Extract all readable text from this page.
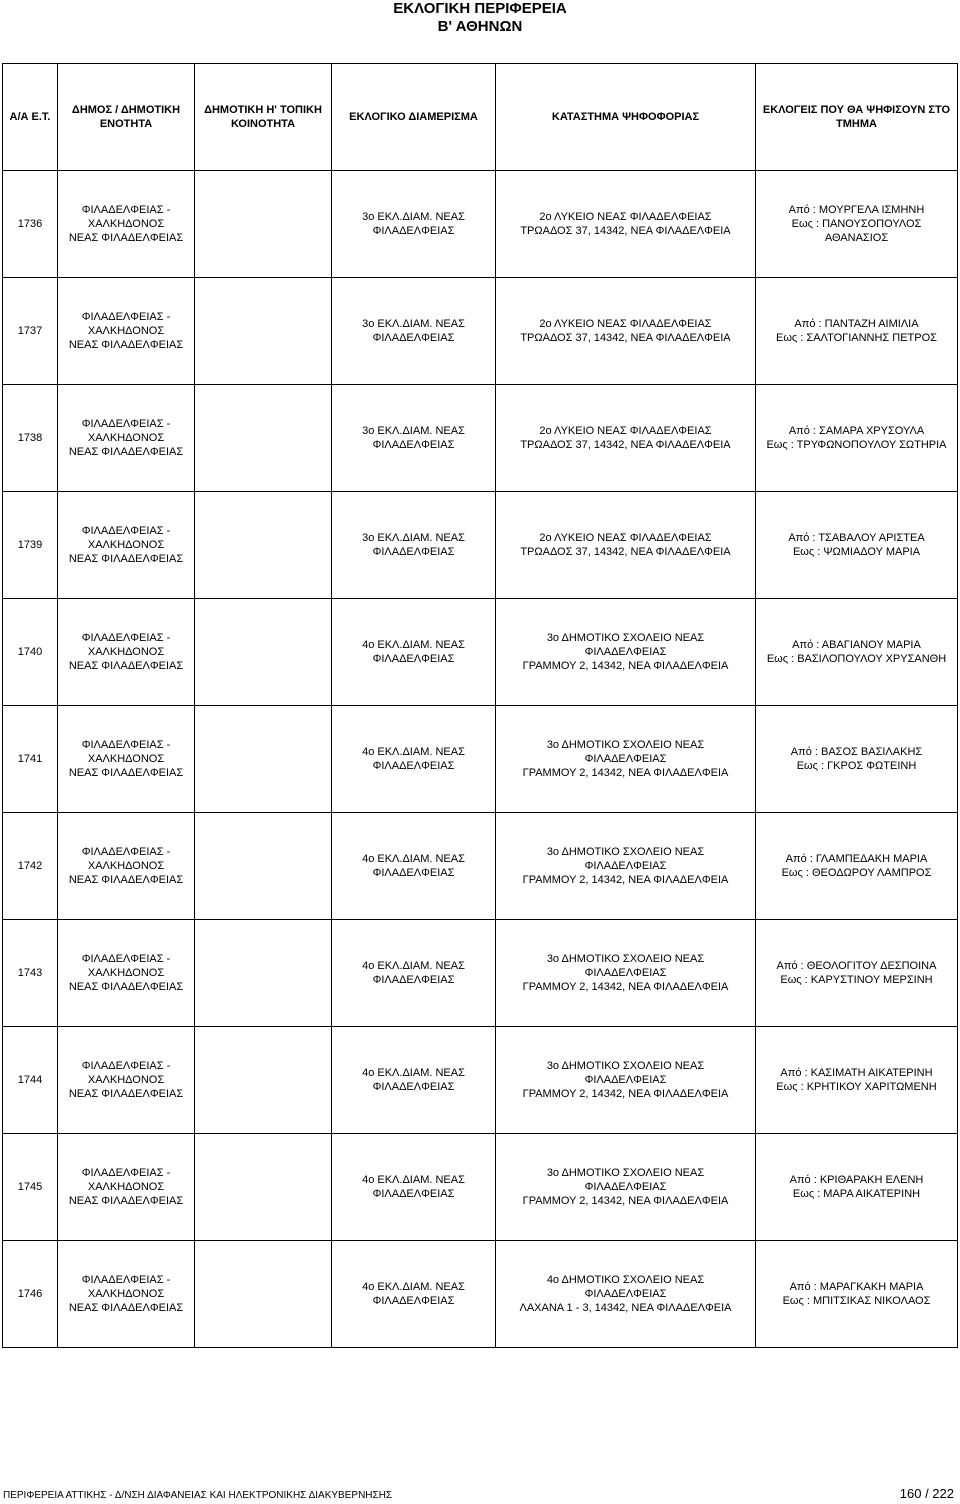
ΕΚΛΟΓΙΚΗ ΠΕΡΙΦΕΡΕΙΑ
Β' ΑΘΗΝΩΝ
Α/Α Ε.Τ.	ΔΗΜΟΣ / ΔΗΜΟΤΙΚΗ ΕΝΟΤΗΤΑ	ΔΗΜΟΤΙΚΗ Η' ΤΟΠΙΚΗ ΚΟΙΝΟΤΗΤΑ	ΕΚΛΟΓΙΚΟ ΔΙΑΜΕΡΙΣΜΑ	ΚΑΤΑΣΤΗΜΑ ΨΗΦΟΦΟΡΙΑΣ	ΕΚΛΟΓΕΙΣ ΠΟΥ ΘΑ ΨΗΦΙΣΟΥΝ ΣΤΟ ΤΜΗΜΑ

1736	ΦΙΛΑΔΕΛΦΕΙΑΣ -
ΧΑΛΚΗΔΟΝΟΣ
ΝΕΑΣ ΦΙΛΑΔΕΛΦΕΙΑΣ		3ο ΕΚΛ.ΔΙΑΜ. ΝΕΑΣ
ΦΙΛΑΔΕΛΦΕΙΑΣ	2ο ΛΥΚΕΙΟ ΝΕΑΣ ΦΙΛΑΔΕΛΦΕΙΑΣ
ΤΡΩΑΔΟΣ 37, 14342, ΝΕΑ ΦΙΛΑΔΕΛΦΕΙΑ	Από : ΜΟΥΡΓΕΛΑ ΙΣΜΗΝΗ
Εως : ΠΑΝΟΥΣΟΠΟΥΛΟΣ
ΑΘΑΝΑΣΙΟΣ

1737	ΦΙΛΑΔΕΛΦΕΙΑΣ -
ΧΑΛΚΗΔΟΝΟΣ
ΝΕΑΣ ΦΙΛΑΔΕΛΦΕΙΑΣ		3ο ΕΚΛ.ΔΙΑΜ. ΝΕΑΣ
ΦΙΛΑΔΕΛΦΕΙΑΣ	2ο ΛΥΚΕΙΟ ΝΕΑΣ ΦΙΛΑΔΕΛΦΕΙΑΣ
ΤΡΩΑΔΟΣ 37, 14342, ΝΕΑ ΦΙΛΑΔΕΛΦΕΙΑ	Από : ΠΑΝΤΑΖΗ ΑΙΜΙΛΙΑ
Εως : ΣΑΛΤΟΓΙΑΝΝΗΣ ΠΕΤΡΟΣ

1738	ΦΙΛΑΔΕΛΦΕΙΑΣ -
ΧΑΛΚΗΔΟΝΟΣ
ΝΕΑΣ ΦΙΛΑΔΕΛΦΕΙΑΣ		3ο ΕΚΛ.ΔΙΑΜ. ΝΕΑΣ
ΦΙΛΑΔΕΛΦΕΙΑΣ	2ο ΛΥΚΕΙΟ ΝΕΑΣ ΦΙΛΑΔΕΛΦΕΙΑΣ
ΤΡΩΑΔΟΣ 37, 14342, ΝΕΑ ΦΙΛΑΔΕΛΦΕΙΑ	Από : ΣΑΜΑΡΑ ΧΡΥΣΟΥΛΑ
Εως : ΤΡΥΦΩΝΟΠΟΥΛΟΥ ΣΩΤΗΡΙΑ

1739	ΦΙΛΑΔΕΛΦΕΙΑΣ -
ΧΑΛΚΗΔΟΝΟΣ
ΝΕΑΣ ΦΙΛΑΔΕΛΦΕΙΑΣ		3ο ΕΚΛ.ΔΙΑΜ. ΝΕΑΣ
ΦΙΛΑΔΕΛΦΕΙΑΣ	2ο ΛΥΚΕΙΟ ΝΕΑΣ ΦΙΛΑΔΕΛΦΕΙΑΣ
ΤΡΩΑΔΟΣ 37, 14342, ΝΕΑ ΦΙΛΑΔΕΛΦΕΙΑ	Από : ΤΣΑΒΑΛΟΥ ΑΡΙΣΤΕΑ
Εως : ΨΩΜΙΑΔΟΥ ΜΑΡΙΑ

1740	ΦΙΛΑΔΕΛΦΕΙΑΣ -
ΧΑΛΚΗΔΟΝΟΣ
ΝΕΑΣ ΦΙΛΑΔΕΛΦΕΙΑΣ		4ο ΕΚΛ.ΔΙΑΜ. ΝΕΑΣ
ΦΙΛΑΔΕΛΦΕΙΑΣ	3ο ΔΗΜΟΤΙΚΟ ΣΧΟΛΕΙΟ ΝΕΑΣ
ΦΙΛΑΔΕΛΦΕΙΑΣ
ΓΡΑΜΜΟΥ 2, 14342, ΝΕΑ ΦΙΛΑΔΕΛΦΕΙΑ	Από : ΑΒΑΓΙΑΝΟΥ ΜΑΡΙΑ
Εως : ΒΑΣΙΛΟΠΟΥΛΟΥ ΧΡΥΣΑΝΘΗ

1741	ΦΙΛΑΔΕΛΦΕΙΑΣ -
ΧΑΛΚΗΔΟΝΟΣ
ΝΕΑΣ ΦΙΛΑΔΕΛΦΕΙΑΣ		4ο ΕΚΛ.ΔΙΑΜ. ΝΕΑΣ
ΦΙΛΑΔΕΛΦΕΙΑΣ	3ο ΔΗΜΟΤΙΚΟ ΣΧΟΛΕΙΟ ΝΕΑΣ
ΦΙΛΑΔΕΛΦΕΙΑΣ
ΓΡΑΜΜΟΥ 2, 14342, ΝΕΑ ΦΙΛΑΔΕΛΦΕΙΑ	Από : ΒΑΣΟΣ ΒΑΣΙΛΑΚΗΣ
Εως : ΓΚΡΟΣ ΦΩΤΕΙΝΗ

1742	ΦΙΛΑΔΕΛΦΕΙΑΣ -
ΧΑΛΚΗΔΟΝΟΣ
ΝΕΑΣ ΦΙΛΑΔΕΛΦΕΙΑΣ		4ο ΕΚΛ.ΔΙΑΜ. ΝΕΑΣ
ΦΙΛΑΔΕΛΦΕΙΑΣ	3ο ΔΗΜΟΤΙΚΟ ΣΧΟΛΕΙΟ ΝΕΑΣ
ΦΙΛΑΔΕΛΦΕΙΑΣ
ΓΡΑΜΜΟΥ 2, 14342, ΝΕΑ ΦΙΛΑΔΕΛΦΕΙΑ	Από : ΓΛΑΜΠΕΔΑΚΗ ΜΑΡΙΑ
Εως : ΘΕΟΔΩΡΟΥ ΛΑΜΠΡΟΣ

1743	ΦΙΛΑΔΕΛΦΕΙΑΣ -
ΧΑΛΚΗΔΟΝΟΣ
ΝΕΑΣ ΦΙΛΑΔΕΛΦΕΙΑΣ		4ο ΕΚΛ.ΔΙΑΜ. ΝΕΑΣ
ΦΙΛΑΔΕΛΦΕΙΑΣ	3ο ΔΗΜΟΤΙΚΟ ΣΧΟΛΕΙΟ ΝΕΑΣ
ΦΙΛΑΔΕΛΦΕΙΑΣ
ΓΡΑΜΜΟΥ 2, 14342, ΝΕΑ ΦΙΛΑΔΕΛΦΕΙΑ	Από : ΘΕΟΛΟΓΙΤΟΥ ΔΕΣΠΟΙΝΑ
Εως : ΚΑΡΥΣΤΙΝΟΥ ΜΕΡΣΙΝΗ

1744	ΦΙΛΑΔΕΛΦΕΙΑΣ -
ΧΑΛΚΗΔΟΝΟΣ
ΝΕΑΣ ΦΙΛΑΔΕΛΦΕΙΑΣ		4ο ΕΚΛ.ΔΙΑΜ. ΝΕΑΣ
ΦΙΛΑΔΕΛΦΕΙΑΣ	3ο ΔΗΜΟΤΙΚΟ ΣΧΟΛΕΙΟ ΝΕΑΣ
ΦΙΛΑΔΕΛΦΕΙΑΣ
ΓΡΑΜΜΟΥ 2, 14342, ΝΕΑ ΦΙΛΑΔΕΛΦΕΙΑ	Από : ΚΑΣΙΜΑΤΗ ΑΙΚΑΤΕΡΙΝΗ
Εως : ΚΡΗΤΙΚΟΥ ΧΑΡΙΤΩΜΕΝΗ

1745	ΦΙΛΑΔΕΛΦΕΙΑΣ -
ΧΑΛΚΗΔΟΝΟΣ
ΝΕΑΣ ΦΙΛΑΔΕΛΦΕΙΑΣ		4ο ΕΚΛ.ΔΙΑΜ. ΝΕΑΣ
ΦΙΛΑΔΕΛΦΕΙΑΣ	3ο ΔΗΜΟΤΙΚΟ ΣΧΟΛΕΙΟ ΝΕΑΣ
ΦΙΛΑΔΕΛΦΕΙΑΣ
ΓΡΑΜΜΟΥ 2, 14342, ΝΕΑ ΦΙΛΑΔΕΛΦΕΙΑ	Από : ΚΡΙΘΑΡΑΚΗ ΕΛΕΝΗ
Εως : ΜΑΡΑ ΑΙΚΑΤΕΡΙΝΗ

1746	ΦΙΛΑΔΕΛΦΕΙΑΣ -
ΧΑΛΚΗΔΟΝΟΣ
ΝΕΑΣ ΦΙΛΑΔΕΛΦΕΙΑΣ		4ο ΕΚΛ.ΔΙΑΜ. ΝΕΑΣ
ΦΙΛΑΔΕΛΦΕΙΑΣ	4ο ΔΗΜΟΤΙΚΟ ΣΧΟΛΕΙΟ ΝΕΑΣ
ΦΙΛΑΔΕΛΦΕΙΑΣ
ΛΑΧΑΝΑ 1 - 3, 14342, ΝΕΑ ΦΙΛΑΔΕΛΦΕΙΑ	Από : ΜΑΡΑΓΚΑΚΗ ΜΑΡΙΑ
Εως : ΜΠΙΤΣΙΚΑΣ ΝΙΚΟΛΑΟΣ
ΠΕΡΙΦΕΡΕΙΑ ΑΤΤΙΚΗΣ - Δ/ΝΣΗ ΔΙΑΦΑΝΕΙΑΣ ΚΑΙ ΗΛΕΚΤΡΟΝΙΚΗΣ ΔΙΑΚΥΒΕΡΝΗΣΗΣ	160 / 222
